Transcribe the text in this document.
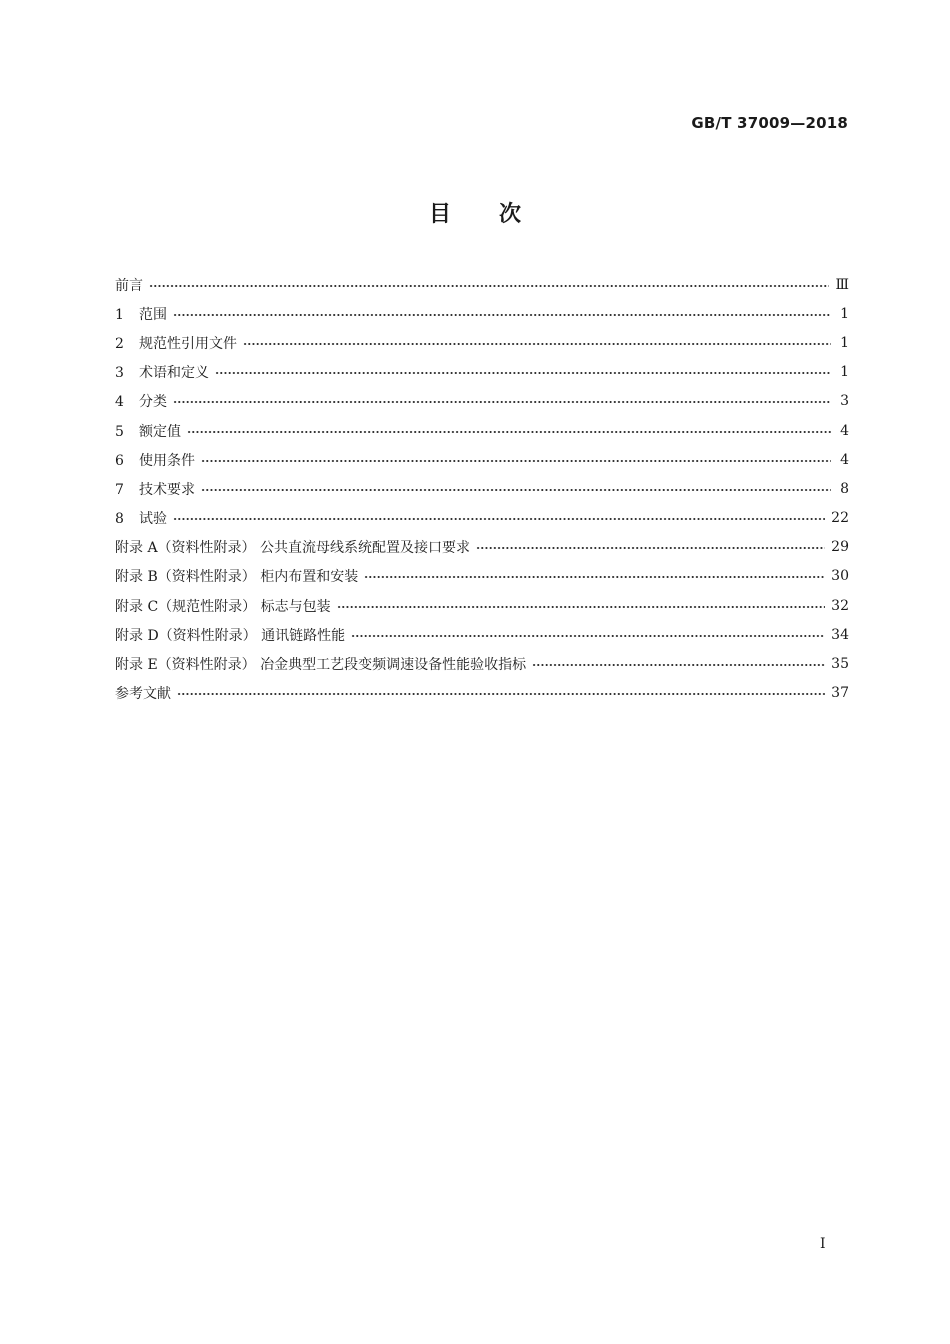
GB/T 37009—2018
目次
前言	Ⅲ
1 范围	1
2 规范性引用文件	1
3 术语和定义	1
4 分类	3
5 额定值	4
6 使用条件	4
7 技术要求	8
8 试验	22
附录 A（资料性附录） 公共直流母线系统配置及接口要求	29
附录 B（资料性附录） 柜内布置和安装	30
附录 C（规范性附录） 标志与包装	32
附录 D（资料性附录） 通讯链路性能	34
附录 E（资料性附录） 冶金典型工艺段变频调速设备性能验收指标	35
参考文献	37
I
